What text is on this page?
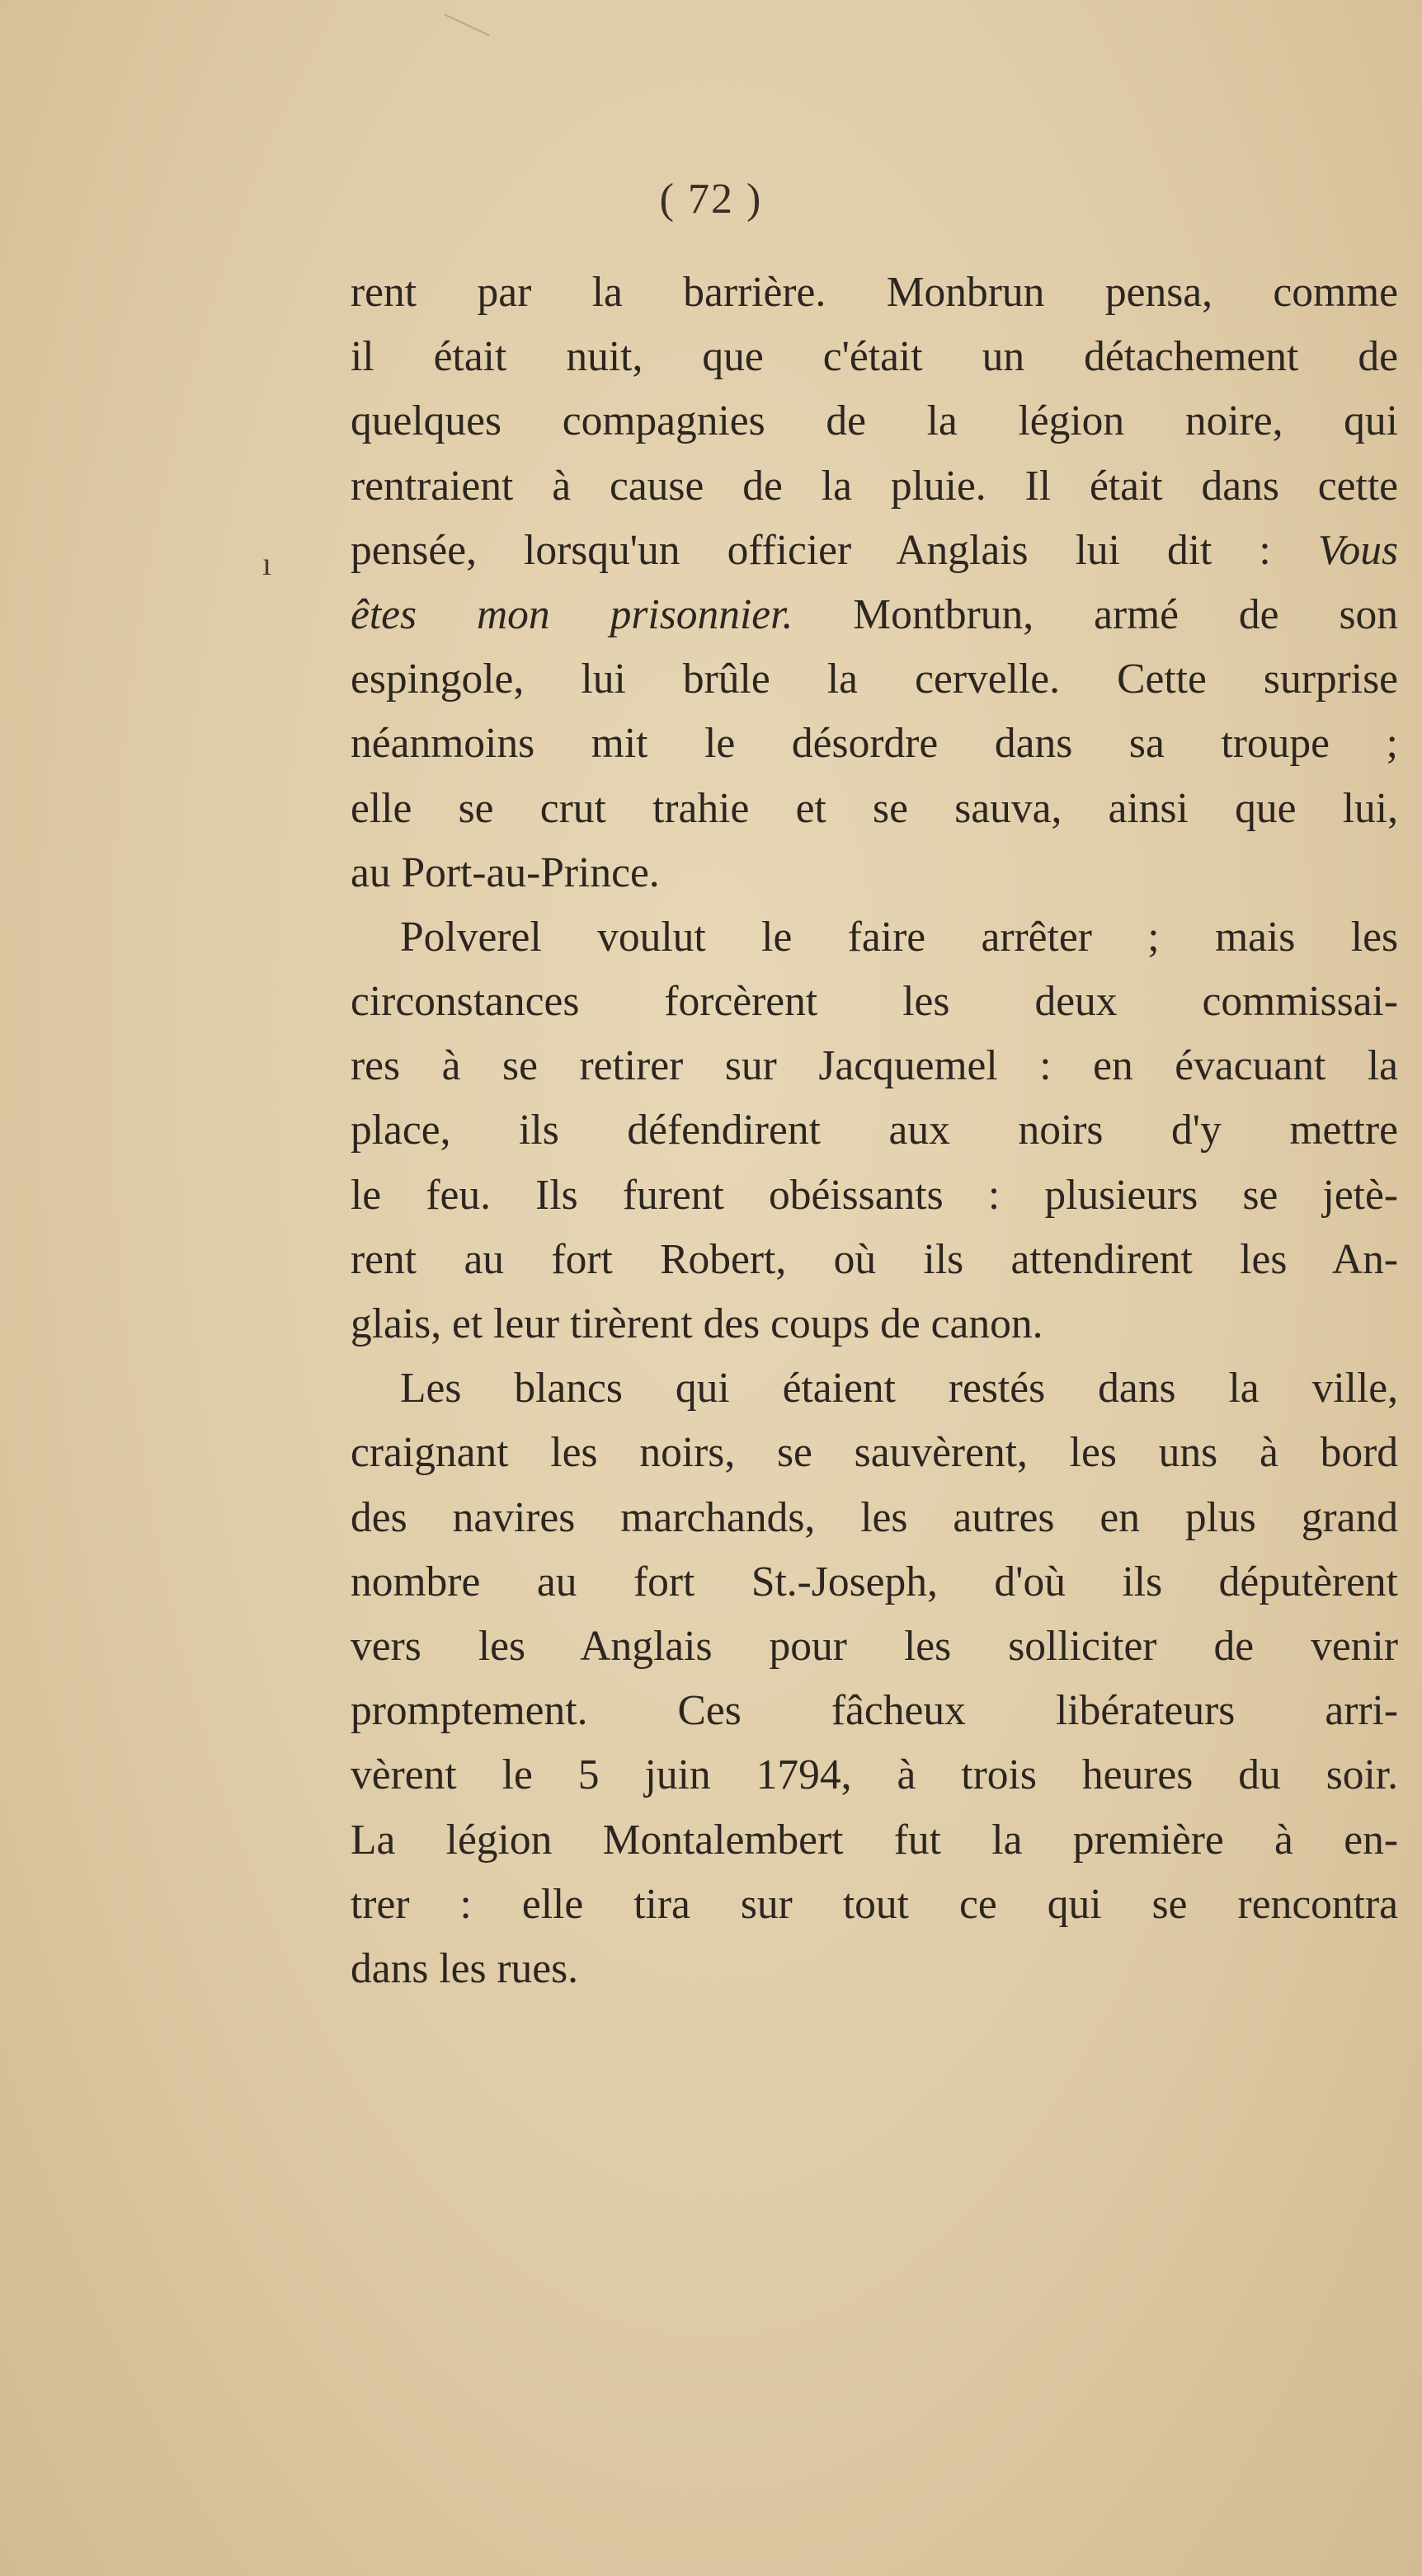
( 72 )
ı
rent par la barrière. Monbrun pensa, comme
il était nuit, que c'était un détachement de
quelques compagnies de la légion noire, qui
rentraient à cause de la pluie. Il était dans cette
pensée, lorsqu'un officier Anglais lui dit : Vous
êtes mon prisonnier. Montbrun, armé de son
espingole, lui brûle la cervelle. Cette surprise
néanmoins mit le désordre dans sa troupe ;
elle se crut trahie et se sauva, ainsi que lui,
au Port-au-Prince.
Polverel voulut le faire arrêter ; mais les
circonstances forcèrent les deux commissai-
res à se retirer sur Jacquemel : en évacuant la
place, ils défendirent aux noirs d'y mettre
le feu. Ils furent obéissants : plusieurs se jetè-
rent au fort Robert, où ils attendirent les An-
glais, et leur tirèrent des coups de canon.
Les blancs qui étaient restés dans la ville,
craignant les noirs, se sauvèrent, les uns à bord
des navires marchands, les autres en plus grand
nombre au fort St.-Joseph, d'où ils députèrent
vers les Anglais pour les solliciter de venir
promptement. Ces fâcheux libérateurs arri-
vèrent le 5 juin 1794, à trois heures du soir.
La légion Montalembert fut la première à en-
trer : elle tira sur tout ce qui se rencontra
dans les rues.
